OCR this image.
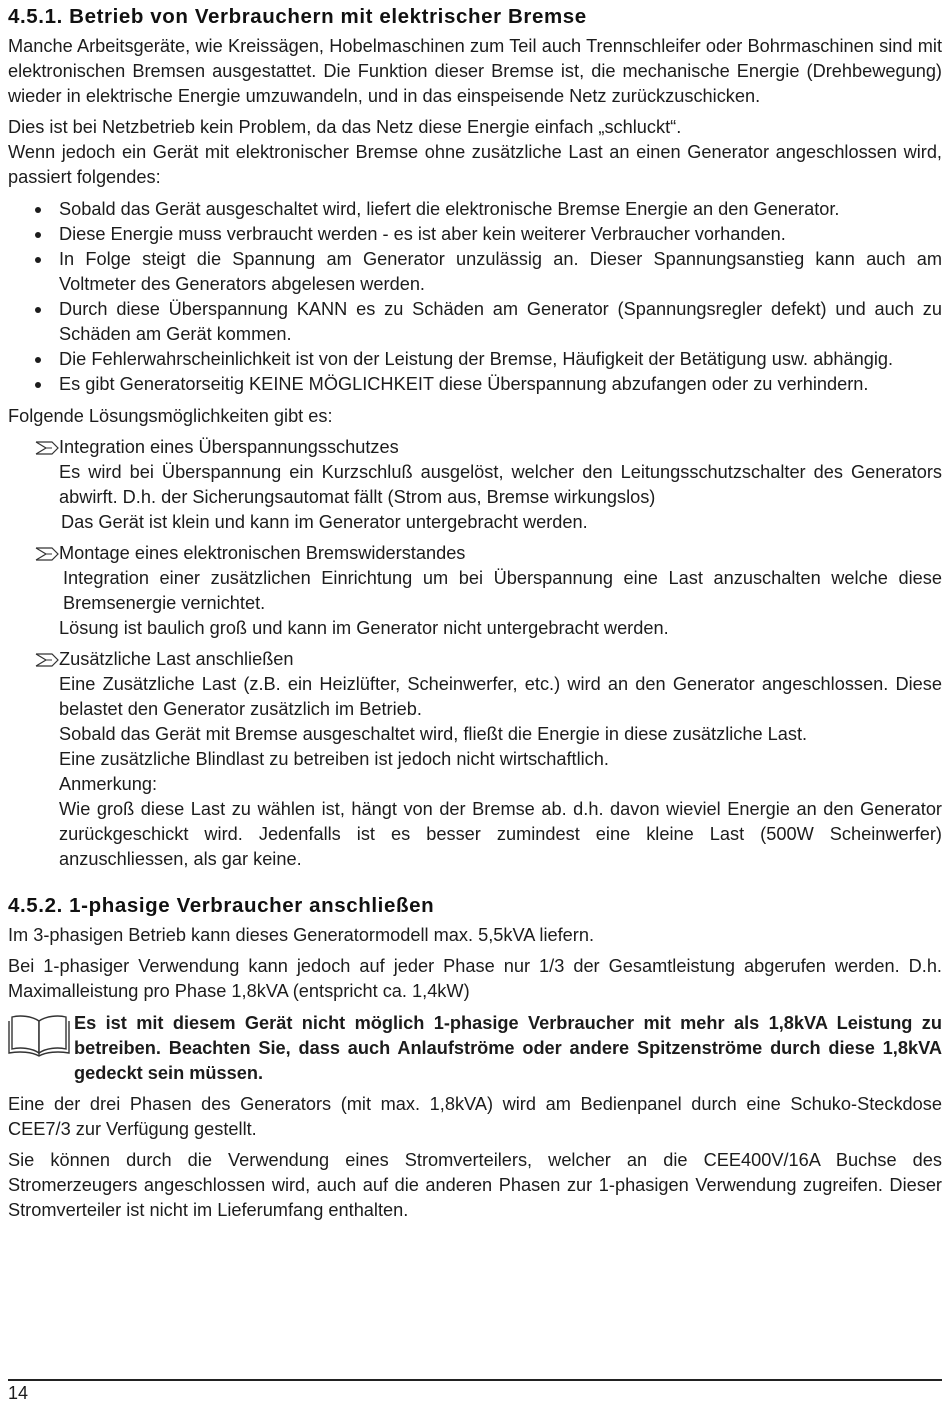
4.5.1. Betrieb von Verbrauchern mit elektrischer Bremse

Manche Arbeitsgeräte, wie Kreissägen, Hobelmaschinen zum Teil auch Trennschleifer oder Bohrmaschinen sind mit elektronischen Bremsen ausgestattet. Die Funktion dieser Bremse ist, die mechanische Energie (Drehbewegung) wieder in elektrische Energie umzuwandeln, und in das einspeisende Netz zurückzuschicken.

Dies ist bei Netzbetrieb kein Problem, da das Netz diese Energie einfach „schluckt“.

Wenn jedoch ein Gerät mit elektronischer Bremse ohne zusätzliche Last an einen Generator angeschlossen wird, passiert folgendes:

Sobald das Gerät ausgeschaltet wird, liefert die elektronische Bremse Energie an den Generator.
Diese Energie muss verbraucht werden - es ist aber kein weiterer Verbraucher vorhanden.
In Folge steigt die Spannung am Generator unzulässig an. Dieser Spannungsanstieg kann auch am Voltmeter des Generators abgelesen werden.
Durch diese Überspannung KANN es zu Schäden am Generator (Spannungsregler defekt) und auch zu Schäden am Gerät kommen.
Die Fehlerwahrscheinlichkeit ist von der Leistung der Bremse, Häufigkeit der Betätigung usw. abhängig.
Es gibt Generatorseitig KEINE MÖGLICHKEIT diese Überspannung abzufangen oder zu verhindern.

Folgende Lösungsmöglichkeiten gibt es:

Integration eines Überspannungsschutzes

Es wird bei Überspannung ein Kurzschluß ausgelöst, welcher den Leitungsschutzschalter des Generators abwirft. D.h. der Sicherungsautomat fällt (Strom aus, Bremse wirkungslos)

Das Gerät ist klein und kann im Generator untergebracht werden.

Montage eines elektronischen Bremswiderstandes

Integration einer zusätzlichen Einrichtung um bei Überspannung eine Last anzuschalten welche diese Bremsenergie vernichtet.

Lösung ist baulich groß und kann im Generator nicht untergebracht werden.

Zusätzliche Last anschließen

Eine Zusätzliche Last (z.B. ein Heizlüfter, Scheinwerfer, etc.) wird an den Generator angeschlossen. Diese belastet den Generator zusätzlich im Betrieb.

Sobald das Gerät mit Bremse ausgeschaltet wird, fließt die Energie in diese zusätzliche Last.

Eine zusätzliche Blindlast zu betreiben ist jedoch nicht wirtschaftlich.

Anmerkung:

Wie groß diese Last zu wählen ist, hängt von der Bremse ab. d.h. davon wieviel Energie an den Generator zurückgeschickt wird. Jedenfalls ist es besser zumindest eine kleine Last (500W Scheinwerfer) anzuschliessen, als gar keine.

4.5.2. 1-phasige Verbraucher anschließen

Im 3-phasigen Betrieb kann dieses Generatormodell max. 5,5kVA liefern.

Bei 1-phasiger Verwendung kann jedoch auf jeder Phase nur 1/3 der Gesamtleistung abgerufen werden. D.h. Maximalleistung pro Phase 1,8kVA (entspricht ca. 1,4kW)

Es ist mit diesem Gerät nicht möglich 1-phasige Verbraucher mit mehr als 1,8kVA Leistung zu betreiben. Beachten Sie, dass auch Anlaufströme oder andere Spitzenströme durch diese 1,8kVA gedeckt sein müssen.

Eine der drei Phasen des Generators (mit max. 1,8kVA) wird am Bedienpanel durch eine Schuko-Steckdose CEE7/3 zur Verfügung gestellt.

Sie können durch die Verwendung eines Stromverteilers, welcher an die CEE400V/16A Buchse des Stromerzeugers angeschlossen wird, auch auf die anderen Phasen zur 1-phasigen Verwendung zugreifen. Dieser Stromverteiler ist nicht im Lieferumfang enthalten.

14
